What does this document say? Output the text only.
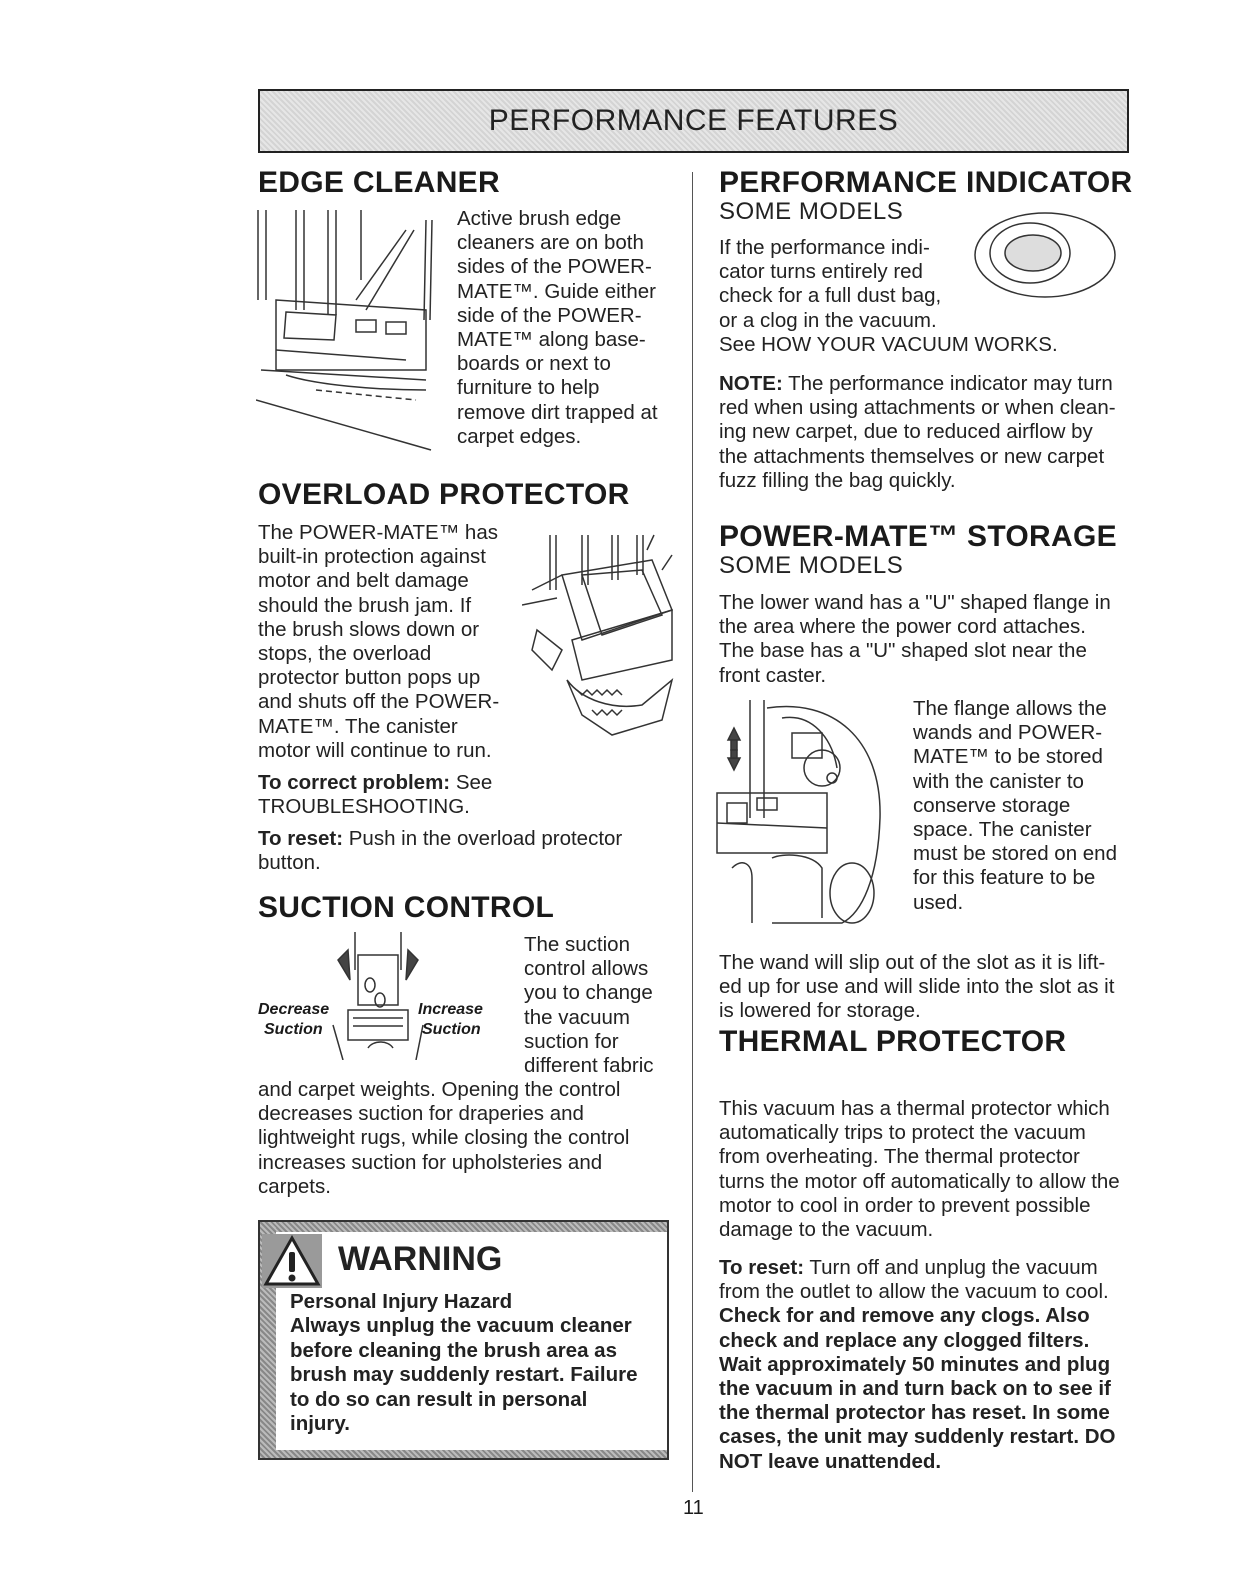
PERFORMANCE FEATURES
EDGE CLEANER
Active brush edge
cleaners are on both
sides of the POWER-
MATE™. Guide either
side of the POWER-
MATE™ along base-
boards or next to
furniture to help
remove dirt trapped at
carpet edges.
OVERLOAD PROTECTOR
The POWER-MATE™ has
built-in protection against
motor and belt damage
should the brush jam. If
the brush slows down or
stops, the overload
protector button pops up
and shuts off the POWER-
MATE™. The canister
motor will continue to run.
To correct problem: See
TROUBLESHOOTING.
To reset: Push in the overload protector
button.
SUCTION CONTROL
Decrease
Suction
Increase
Suction
The suction
control allows
you to change
the vacuum
suction for
different fabric
and carpet weights. Opening the control
decreases suction for draperies and
lightweight rugs, while closing the control
increases suction for upholsteries and
carpets.

WARNING

Personal Injury Hazard
Always unplug the vacuum cleaner
before cleaning the brush area as
brush may suddenly restart. Failure
to do so can result in personal
injury.
PERFORMANCE INDICATOR

SOME MODELS

If the performance indi-
cator turns entirely red
check for a full dust bag,
or a clog in the vacuum.
See HOW YOUR VACUUM WORKS.
NOTE: The performance indicator may turn
red when using attachments or when clean-
ing new carpet, due to reduced airflow by
the attachments themselves or new carpet
fuzz filling the bag quickly.
POWER-MATE™ STORAGE

SOME MODELS

The lower wand has a "U" shaped flange in
the area where the power cord attaches.
The base has a "U" shaped slot near the
front caster.
The flange allows the
wands and POWER-
MATE™ to be stored
with the canister to
conserve storage
space. The canister
must be stored on end
for this feature to be
used.
The wand will slip out of the slot as it is lift-
ed up for use and will slide into the slot as it
is lowered for storage.
THERMAL PROTECTOR
This vacuum has a thermal protector which
automatically trips to protect the vacuum
from overheating. The thermal protector
turns the motor off automatically to allow the
motor to cool in order to prevent possible
damage to the vacuum.
To reset: Turn off and unplug the vacuum
from the outlet to allow the vacuum to cool.
Check for and remove any clogs. Also
check and replace any clogged filters.
Wait approximately 50 minutes and plug
the vacuum in and turn back on to see if
the thermal protector has reset. In some
cases, the unit may suddenly restart. DO
NOT leave unattended.
11
